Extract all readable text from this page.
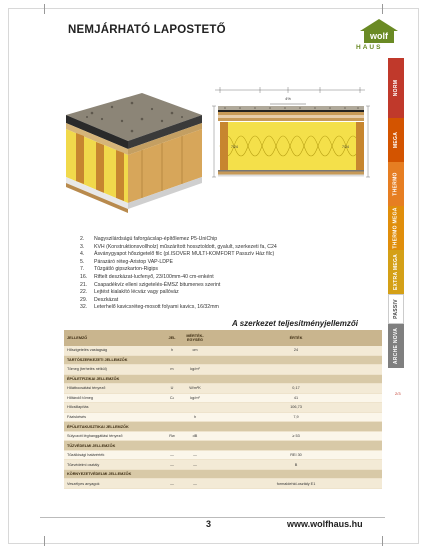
NEMJÁRHATÓ LAPOSTETŐ	wolf
HAUS
4%
7/24	7/24
NORM
MEGA
THERMO
THERMO MEGA
EXTRA MEGA
PASSIV
ARCHE NOVA
2. Nagyszilárdságú faforgácslap-építőlemez P5-UniChip
3. KVH (Konstruktionsvollholz) műszárított hossztoldott, gyalult, szerkezeti fa, C24
4. Ásványgyapot hőszigetelő filc (pl.ISOVER MULTI-KOMFORT Passzív Ház filc)
5. Párazáró réteg-Aristop VAP-LDPE
7. Tűzgátló gipszkarton-Rigips
16. Riftelt deszkázat-lucfenyő, 23/100mm-40 cm-enként
21. Csapadékvíz elleni szigetelés-ÉMSZ bitumenes szerint
22. Lejtést kialakító lécváz vagy pallóváz
29. Deszkázat
32. Leterhelő kavicsréteg-mosott folyami kavics, 16/32mm
A szerkezet teljesítményjellemzői
JELLEMZŐ	JEL	MÉRTÉK-EGYSÉG	ÉRTÉK
Hőszigetelés vastagság	h	cm	24
TARTÓSZERKEZETI JELLEMZŐK			
Tömeg (terhelés nélkül)	m	kg/m²	
ÉPÜLETFIZIKAI JELLEMZŐK			
Hőátbocsátási tényező	U	W/m²K	0,17
Hőtárolő tömeg	Cₙ	kg/m²	41
Hőcsillapítás			106,73
Fáziskésés		h	7,9
ÉPÜLETAKUSZTIKAI JELLEMZŐK			
Súlyozott léghanggátlási tényező	Rw	dB	≥ 53
TŰZVÉDELMI JELLEMZŐK			
Tűzállósági határérték	—	—	REI 30
Tűzvédelmi osztály	—	—	B
KÖRNYEZETVÉDELMI JELLEMZŐK			
Veszélyes anyagok	—	—	formaldehid-osztály E1
2/3
3	www.wolfhaus.hu
